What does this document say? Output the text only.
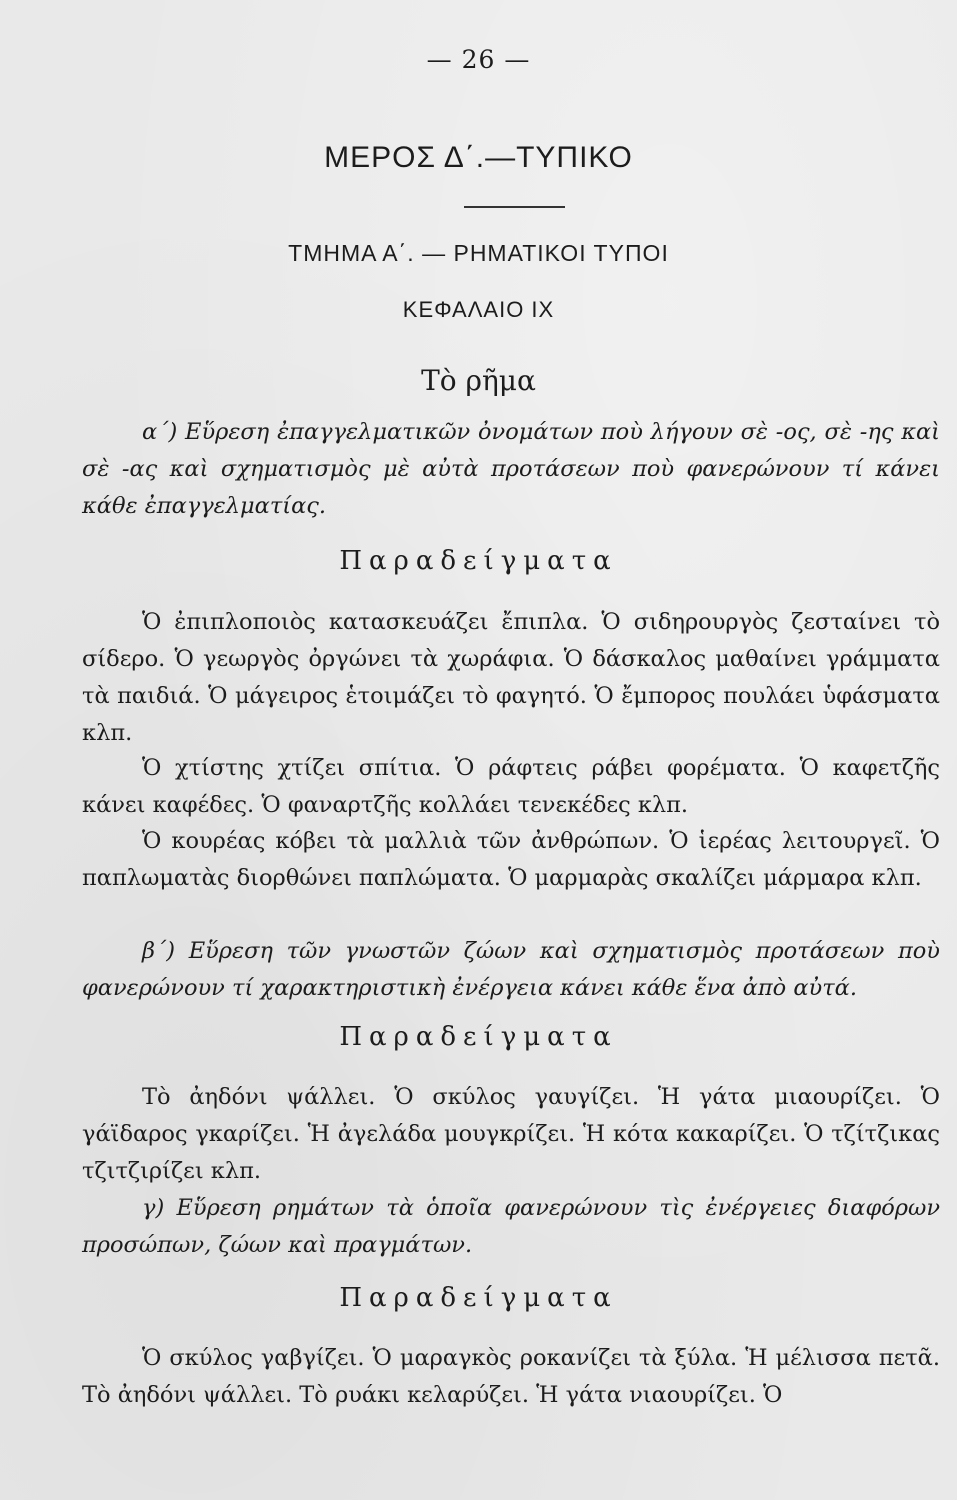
— 26 —
ΜΕΡΟΣ Δ΄.—ΤΥΠΙΚΟ
ΤΜΗΜΑ Α΄. — ΡΗΜΑΤΙΚΟΙ ΤΥΠΟΙ
ΚΕΦΑΛΑΙΟ IX
Τὸ ρῆμα
α΄) Εὕρεση ἐπαγγελματικῶν ὀνομάτων ποὺ λήγουν σὲ -ος, σὲ -ης καὶ σὲ -ας καὶ σχηματισμὸς μὲ αὐτὰ προτάσεων ποὺ φανερώνουν τί κάνει κάθε ἐπαγγελματίας.
Παραδείγματα
Ὁ ἐπιπλοποιὸς κατασκευάζει ἔπιπλα. Ὁ σιδηρουργὸς ζεσταίνει τὸ σίδερο. Ὁ γεωργὸς ὀργώνει τὰ χωράφια. Ὁ δάσκαλος μαθαίνει γράμματα τὰ παιδιά. Ὁ μάγειρος ἑτοιμάζει τὸ φαγητό. Ὁ ἔμπορος πουλάει ὑφάσματα κλπ.
Ὁ χτίστης χτίζει σπίτια. Ὁ ράφτεις ράβει φορέματα. Ὁ καφετζῆς κάνει καφέδες. Ὁ φαναρτζῆς κολλάει τενεκέδες κλπ.
Ὁ κουρέας κόβει τὰ μαλλιὰ τῶν ἀνθρώπων. Ὁ ἱερέας λειτουργεῖ. Ὁ παπλωματὰς διορθώνει παπλώματα. Ὁ μαρμαρὰς σκαλίζει μάρμαρα κλπ.
β΄) Εὕρεση τῶν γνωστῶν ζώων καὶ σχηματισμὸς προτάσεων ποὺ φανερώνουν τί χαρακτηριστικὴ ἐνέργεια κάνει κάθε ἕνα ἀπὸ αὐτά.
Παραδείγματα
Τὸ ἀηδόνι ψάλλει. Ὁ σκύλος γαυγίζει. Ἡ γάτα μιαουρίζει. Ὁ γάϊδαρος γκαρίζει. Ἡ ἀγελάδα μουγκρίζει. Ἡ κότα κακαρίζει. Ὁ τζίτζικας τζιτζιρίζει κλπ.
γ) Εὕρεση ρημάτων τὰ ὁποῖα φανερώνουν τὶς ἐνέργειες διαφόρων προσώπων, ζώων καὶ πραγμάτων.
Παραδείγματα
Ὁ σκύλος γαβγίζει. Ὁ μαραγκὸς ροκανίζει τὰ ξύλα. Ἡ μέλισσα πετᾶ. Τὸ ἀηδόνι ψάλλει. Τὸ ρυάκι κελαρύζει. Ἡ γάτα νιαουρίζει. Ὁ
